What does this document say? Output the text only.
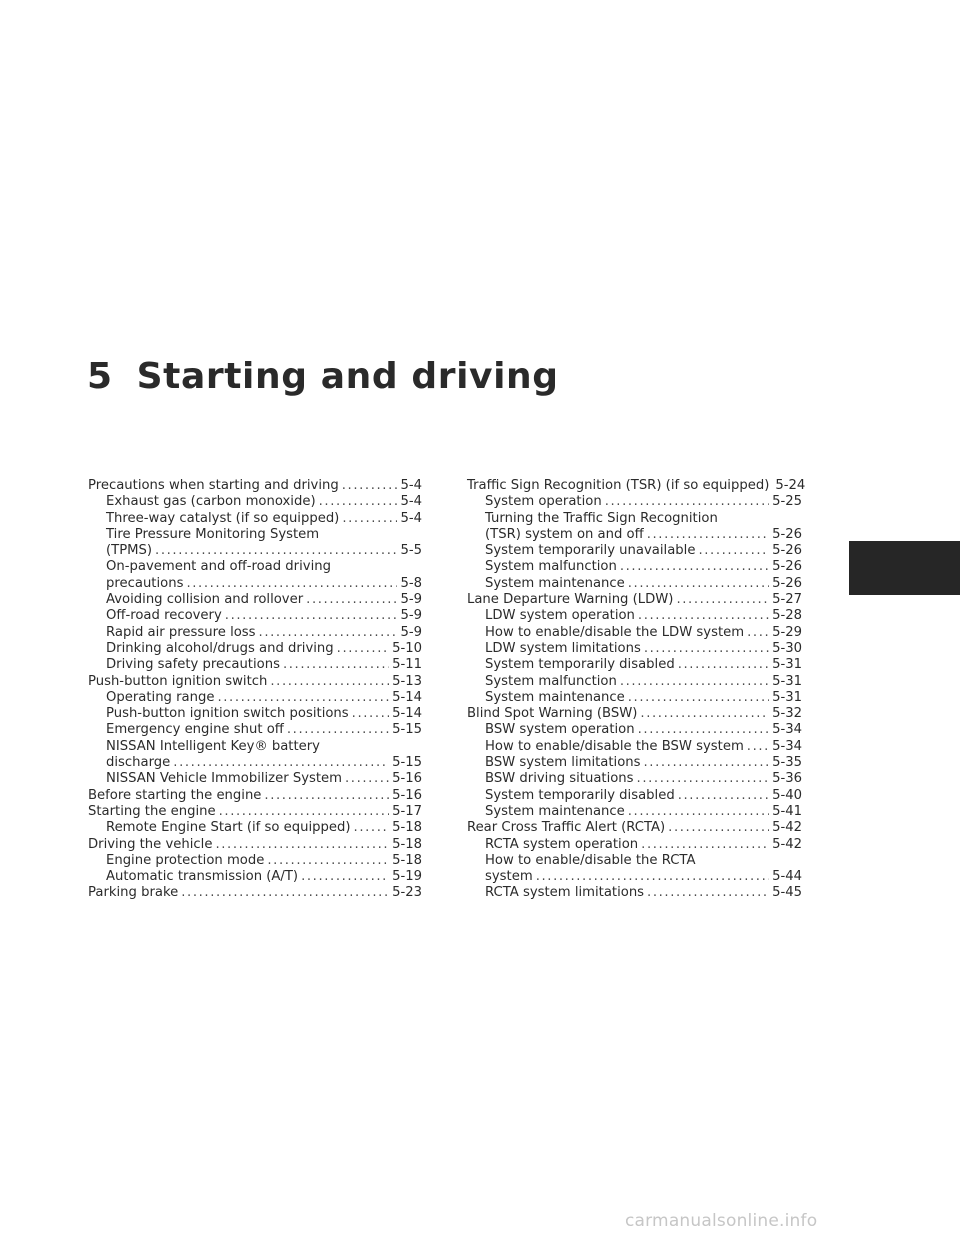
5 Starting and driving
Precautions when starting and driving .....	5-4
Exhaust gas (carbon monoxide) .....	5-4
Three-way catalyst (if so equipped) .....	5-4
Tire Pressure Monitoring System
(TPMS) .....	5-5
On-pavement and off-road driving
precautions .....	5-8
Avoiding collision and rollover .....	5-9
Off-road recovery .....	5-9
Rapid air pressure loss .....	5-9
Drinking alcohol/drugs and driving .....	5-10
Driving safety precautions .....	5-11
Push-button ignition switch .....	5-13
Operating range .....	5-14
Push-button ignition switch positions .....	5-14
Emergency engine shut off .....	5-15
NISSAN Intelligent Key® battery
discharge .....	5-15
NISSAN Vehicle Immobilizer System .....	5-16
Before starting the engine .....	5-16
Starting the engine .....	5-17
Remote Engine Start (if so equipped) .....	5-18
Driving the vehicle .....	5-18
Engine protection mode .....	5-18
Automatic transmission (A/T) .....	5-19
Parking brake .....	5-23
Traffic Sign Recognition (TSR) (if so equipped) 5-24
System operation .....	5-25
Turning the Traffic Sign Recognition
(TSR) system on and off .....	5-26
System temporarily unavailable .....	5-26
System malfunction .....	5-26
System maintenance .....	5-26
Lane Departure Warning (LDW) .....	5-27
LDW system operation .....	5-28
How to enable/disable the LDW system ..... 5-29
LDW system limitations .....	5-30
System temporarily disabled .....	5-31
System malfunction .....	5-31
System maintenance .....	5-31
Blind Spot Warning (BSW) .....	5-32
BSW system operation .....	5-34
How to enable/disable the BSW system ..... 5-34
BSW system limitations .....	5-35
BSW driving situations .....	5-36
System temporarily disabled .....	5-40
System maintenance .....	5-41
Rear Cross Traffic Alert (RCTA) .....	5-42
RCTA system operation .....	5-42
How to enable/disable the RCTA
system .....	5-44
RCTA system limitations .....	5-45
carmanualsonline.info
